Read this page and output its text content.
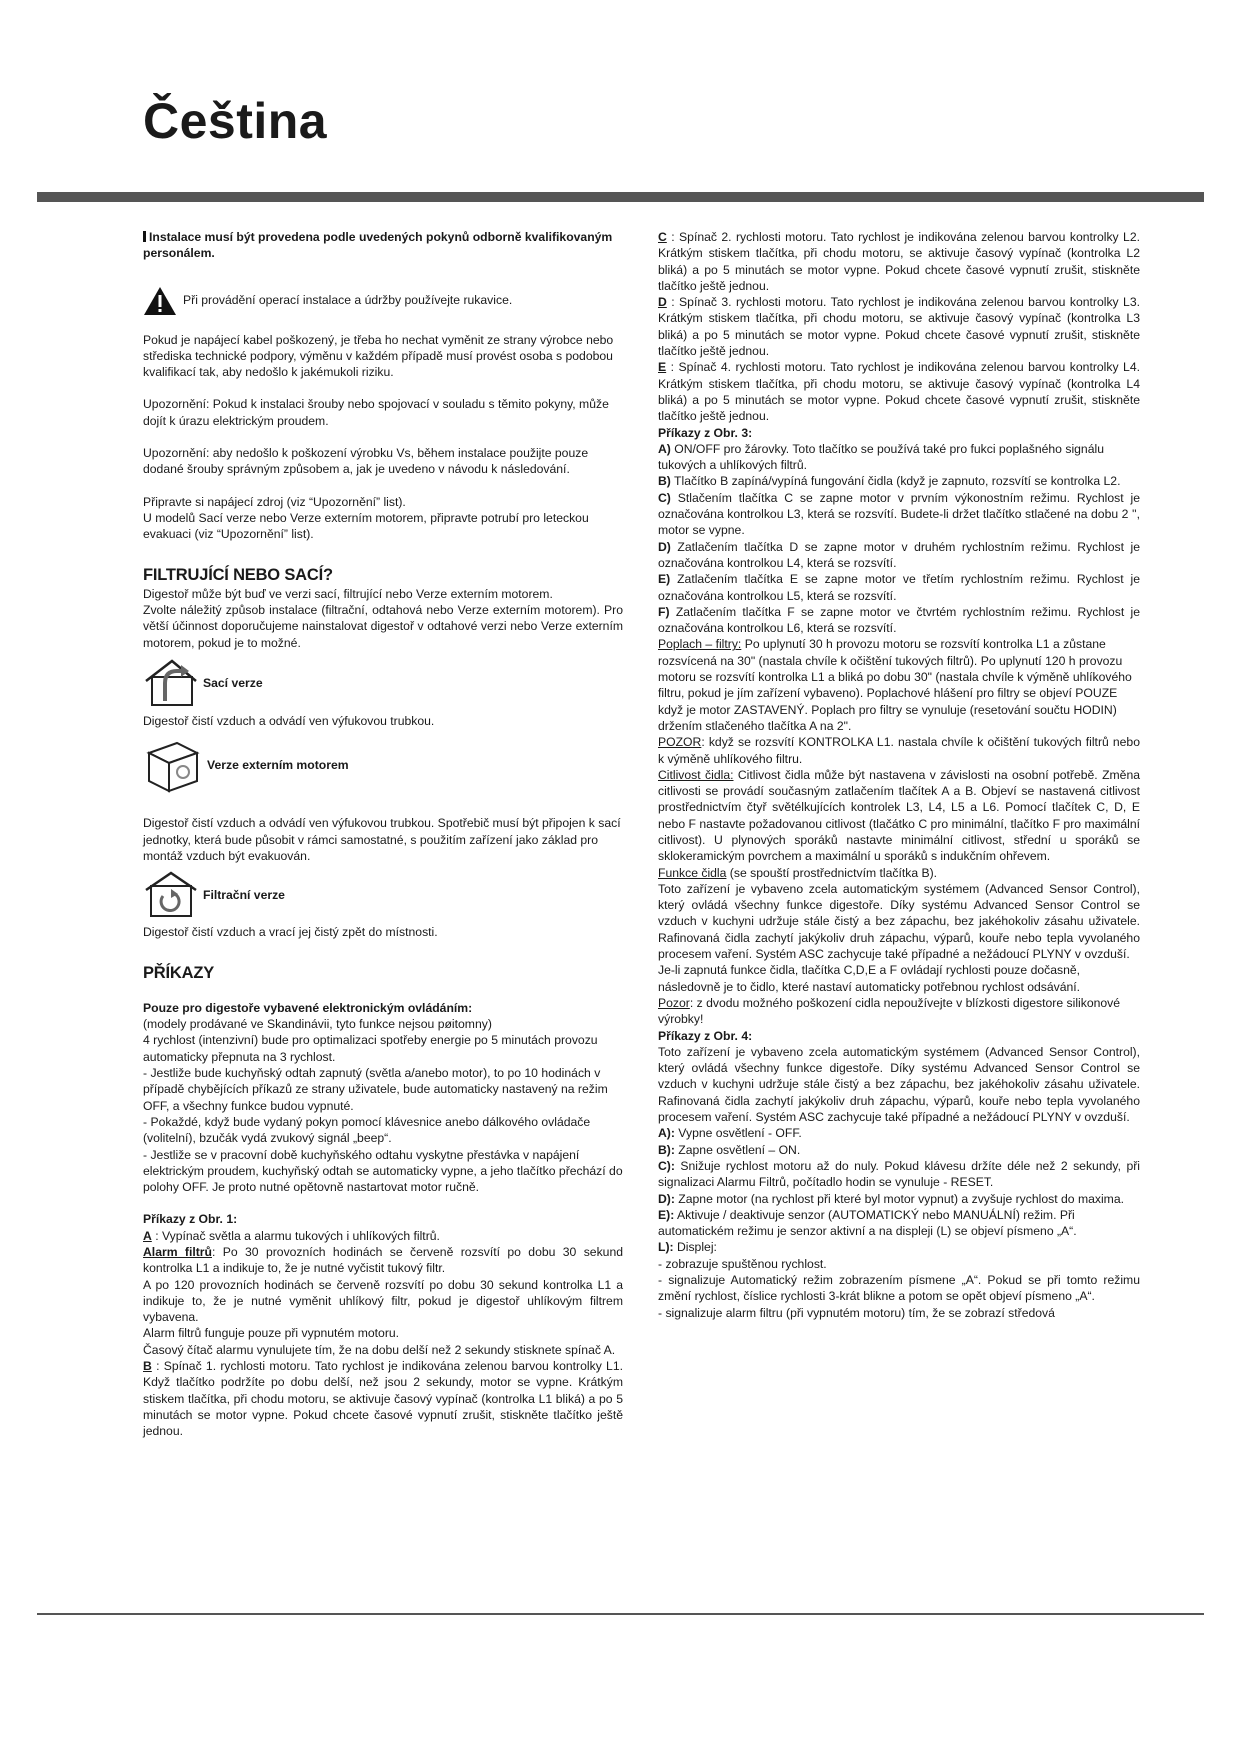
Čeština

Instalace musí být provedena podle uvedených pokynů odborně kvalifikovaným personálem.

Při provádění operací instalace a údržby používejte rukavice.

Pokud je napájecí kabel poškozený, je třeba ho nechat vyměnit ze strany výrobce nebo střediska technické podpory, výměnu v každém případě musí provést osoba s podobou kvalifikací tak, aby nedošlo k jakémukoli riziku.

Upozornění: Pokud k instalaci šrouby nebo spojovací v souladu s těmito pokyny, může dojít k úrazu elektrickým proudem.

Upozornění: aby nedošlo k poškození výrobku Vs, během instalace použijte pouze dodané šrouby správným způsobem a, jak je uvedeno v návodu k následování.

Připravte si napájecí zdroj (viz “Upozornění” list).

U modelů Sací verze nebo Verze externím motorem, připravte potrubí pro leteckou evakuaci (viz “Upozornění” list).

FILTRUJÍCÍ NEBO SACÍ?

Digestoř může být buď ve verzi sací, filtrující nebo Verze externím motorem.

Zvolte náležitý způsob instalace (filtrační, odtahová nebo Verze externím motorem). Pro větší účinnost doporučujeme nainstalovat digestoř v odtahové verzi nebo Verze externím motorem, pokud je to možné.

Sací verze

Digestoř čistí vzduch a odvádí ven výfukovou trubkou.

Verze externím motorem

Digestoř čistí vzduch a odvádí ven výfukovou trubkou. Spotřebič musí být připojen k sací jednotky, která bude působit v rámci samostatné, s použitím zařízení jako základ pro montáž vzduch být evakuován.

Filtrační verze

Digestoř čistí vzduch a vrací jej čistý zpět do místnosti.

PŘÍKAZY

Pouze pro digestoře vybavené elektronickým ovládáním:

(modely prodávané ve Skandinávii, tyto funkce nejsou pøitomny)

4 rychlost (intenzivní) bude pro optimalizaci spotřeby energie po 5 minutách provozu automaticky přepnuta na 3 rychlost.

- Jestliže bude kuchyňský odtah zapnutý (světla a/anebo motor), to po 10 hodinách v případě chybějících příkazů ze strany uživatele, bude automaticky nastavený na režim OFF, a všechny funkce budou vypnuté.

- Pokaždé, když bude vydaný pokyn pomocí klávesnice anebo dálkového ovládače (volitelní), bzučák vydá zvukový signál „beep“.

- Jestliže se v pracovní době kuchyňského odtahu vyskytne přestávka v napájení elektrickým proudem, kuchyňský odtah se automaticky vypne, a jeho tlačítko přechází do polohy OFF. Je proto nutné opětovně nastartovat motor ručně.

Příkazy z Obr. 1:

A : Vypínač světla a alarmu tukových i uhlíkových filtrů.

Alarm filtrů: Po 30 provozních hodinách se červeně rozsvítí po dobu 30 sekund kontrolka L1 a indikuje to, že je nutné vyčistit tukový filtr.

A po 120 provozních hodinách se červeně rozsvítí po dobu 30 sekund kontrolka L1 a indikuje to, že je nutné vyměnit uhlíkový filtr, pokud je digestoř uhlíkovým filtrem vybavena.

Alarm filtrů funguje pouze při vypnutém motoru.

Časový čítač alarmu vynulujete tím, že na dobu delší než 2 sekundy stisknete spínač A.

B : Spínač 1. rychlosti motoru. Tato rychlost je indikována zelenou barvou kontrolky L1. Když tlačítko podržíte po dobu delší, než jsou 2 sekundy, motor se vypne. Krátkým stiskem tlačítka, při chodu motoru, se aktivuje časový vypínač (kontrolka L1 bliká) a po 5 minutách se motor vypne. Pokud chcete časové vypnutí zrušit, stiskněte tlačítko ještě jednou.

C : Spínač 2. rychlosti motoru. Tato rychlost je indikována zelenou barvou kontrolky L2. Krátkým stiskem tlačítka, při chodu motoru, se aktivuje časový vypínač (kontrolka L2 bliká) a po 5 minutách se motor vypne. Pokud chcete časové vypnutí zrušit, stiskněte tlačítko ještě jednou.

D : Spínač 3. rychlosti motoru. Tato rychlost je indikována zelenou barvou kontrolky L3. Krátkým stiskem tlačítka, při chodu motoru, se aktivuje časový vypínač (kontrolka L3 bliká) a po 5 minutách se motor vypne. Pokud chcete časové vypnutí zrušit, stiskněte tlačítko ještě jednou.

E : Spínač 4. rychlosti motoru. Tato rychlost je indikována zelenou barvou kontrolky L4. Krátkým stiskem tlačítka, při chodu motoru, se aktivuje časový vypínač (kontrolka L4 bliká) a po 5 minutách se motor vypne. Pokud chcete časové vypnutí zrušit, stiskněte tlačítko ještě jednou.

Příkazy z Obr. 3:

A) ON/OFF pro žárovky. Toto tlačítko se používá také pro fukci poplašného signálu tukových a uhlíkových filtrů.

B) Tlačítko B zapíná/vypíná fungování čidla (když je zapnuto, rozsvítí se kontrolka L2.

C) Stlačením tlačítka C se zapne motor v prvním výkonostním režimu. Rychlost je označována kontrolkou L3, která se rozsvítí. Budete-li držet tlačítko stlačené na dobu 2 '', motor se vypne.

D) Zatlačením tlačítka D se zapne motor v druhém rychlostním režimu. Rychlost je označována kontrolkou L4, která se rozsvítí.

E) Zatlačením tlačítka E se zapne motor ve třetím rychlostním režimu. Rychlost je označována kontrolkou L5, která se rozsvítí.

F) Zatlačením tlačítka F se zapne motor ve čtvrtém rychlostním režimu. Rychlost je označována kontrolkou L6, která se rozsvítí.

Poplach – filtry: Po uplynutí 30 h provozu motoru se rozsvítí kontrolka L1 a zůstane rozsvícená na 30" (nastala chvíle k očištění tukových filtrů). Po uplynutí 120 h provozu motoru se rozsvítí kontrolka L1 a bliká po dobu 30" (nastala chvíle k výměně uhlíkového filtru, pokud je jím zařízení vybaveno). Poplachové hlášení pro filtry se objeví POUZE když je motor ZASTAVENÝ. Poplach pro filtry se vynuluje (resetování součtu HODIN) držením stlačeného tlačítka A na 2".

POZOR: když se rozsvítí KONTROLKA L1. nastala chvíle k očištění tukových filtrů nebo k výměně uhlíkového filtru.

Citlivost čidla: Citlivost čidla může být nastavena v závislosti na osobní potřebě. Změna citlivosti se provádí současným zatlačením tlačítek A a B. Objeví se nastavená citlivost prostřednictvím čtyř světélkujících kontrolek L3, L4, L5 a L6. Pomocí tlačítek C, D, E nebo F nastavte požadovanou citlivost (tlačátko C pro minimální, tlačítko F pro maximální citlivost). U plynových sporáků nastavte minimální citlivost, střední u sporáků se sklokeramickým povrchem a maximální u sporáků s indukčním ohřevem.

Funkce čidla (se spouští prostřednictvím tlačítka B).

Toto zařízení je vybaveno zcela automatickým systémem (Advanced Sensor Control), který ovládá všechny funkce digestoře. Díky systému Advanced Sensor Control se vzduch v kuchyni udržuje stále čistý a bez zápachu, bez jakéhokoliv zásahu uživatele. Rafinovaná čidla zachytí jakýkoliv druh zápachu, výparů, kouře nebo tepla vyvolaného procesem vaření. Systém ASC zachycuje také případné a nežádoucí PLYNY v ovzduší.

Je-li zapnutá funkce čidla, tlačítka C,D,E a F ovládají rychlosti pouze dočasně, následovně je to čidlo, které nastaví automaticky potřebnou rychlost odsávání.

Pozor: z dvodu možného poškození cidla nepoužívejte v blízkosti digestore silikonové výrobky!

Příkazy z Obr. 4:

Toto zařízení je vybaveno zcela automatickým systémem (Advanced Sensor Control), který ovládá všechny funkce digestoře. Díky systému Advanced Sensor Control se vzduch v kuchyni udržuje stále čistý a bez zápachu, bez jakéhokoliv zásahu uživatele. Rafinovaná čidla zachytí jakýkoliv druh zápachu, výparů, kouře nebo tepla vyvolaného procesem vaření. Systém ASC zachycuje také případné a nežádoucí PLYNY v ovzduší.

A): Vypne osvětlení - OFF.

B): Zapne osvětlení – ON.

C): Snižuje rychlost motoru až do nuly. Pokud klávesu držíte déle než 2 sekundy, při signalizaci Alarmu Filtrů, počítadlo hodin se vynuluje - RESET.

D): Zapne motor (na rychlost při které byl motor vypnut) a zvyšuje rychlost do maxima.

E): Aktivuje / deaktivuje senzor (AUTOMATICKÝ nebo MANUÁLNÍ) režim. Při automatickém režimu je senzor aktivní a na displeji (L) se objeví písmeno „A“.

L): Displej:

- zobrazuje spuštěnou rychlost.

- signalizuje Automatický režim zobrazením písmene „A“. Pokud se při tomto režimu změní rychlost, číslice rychlosti 3-krát blikne a potom se opět objeví písmeno „A“.

- signalizuje alarm filtru (při vypnutém motoru) tím, že se zobrazí středová
